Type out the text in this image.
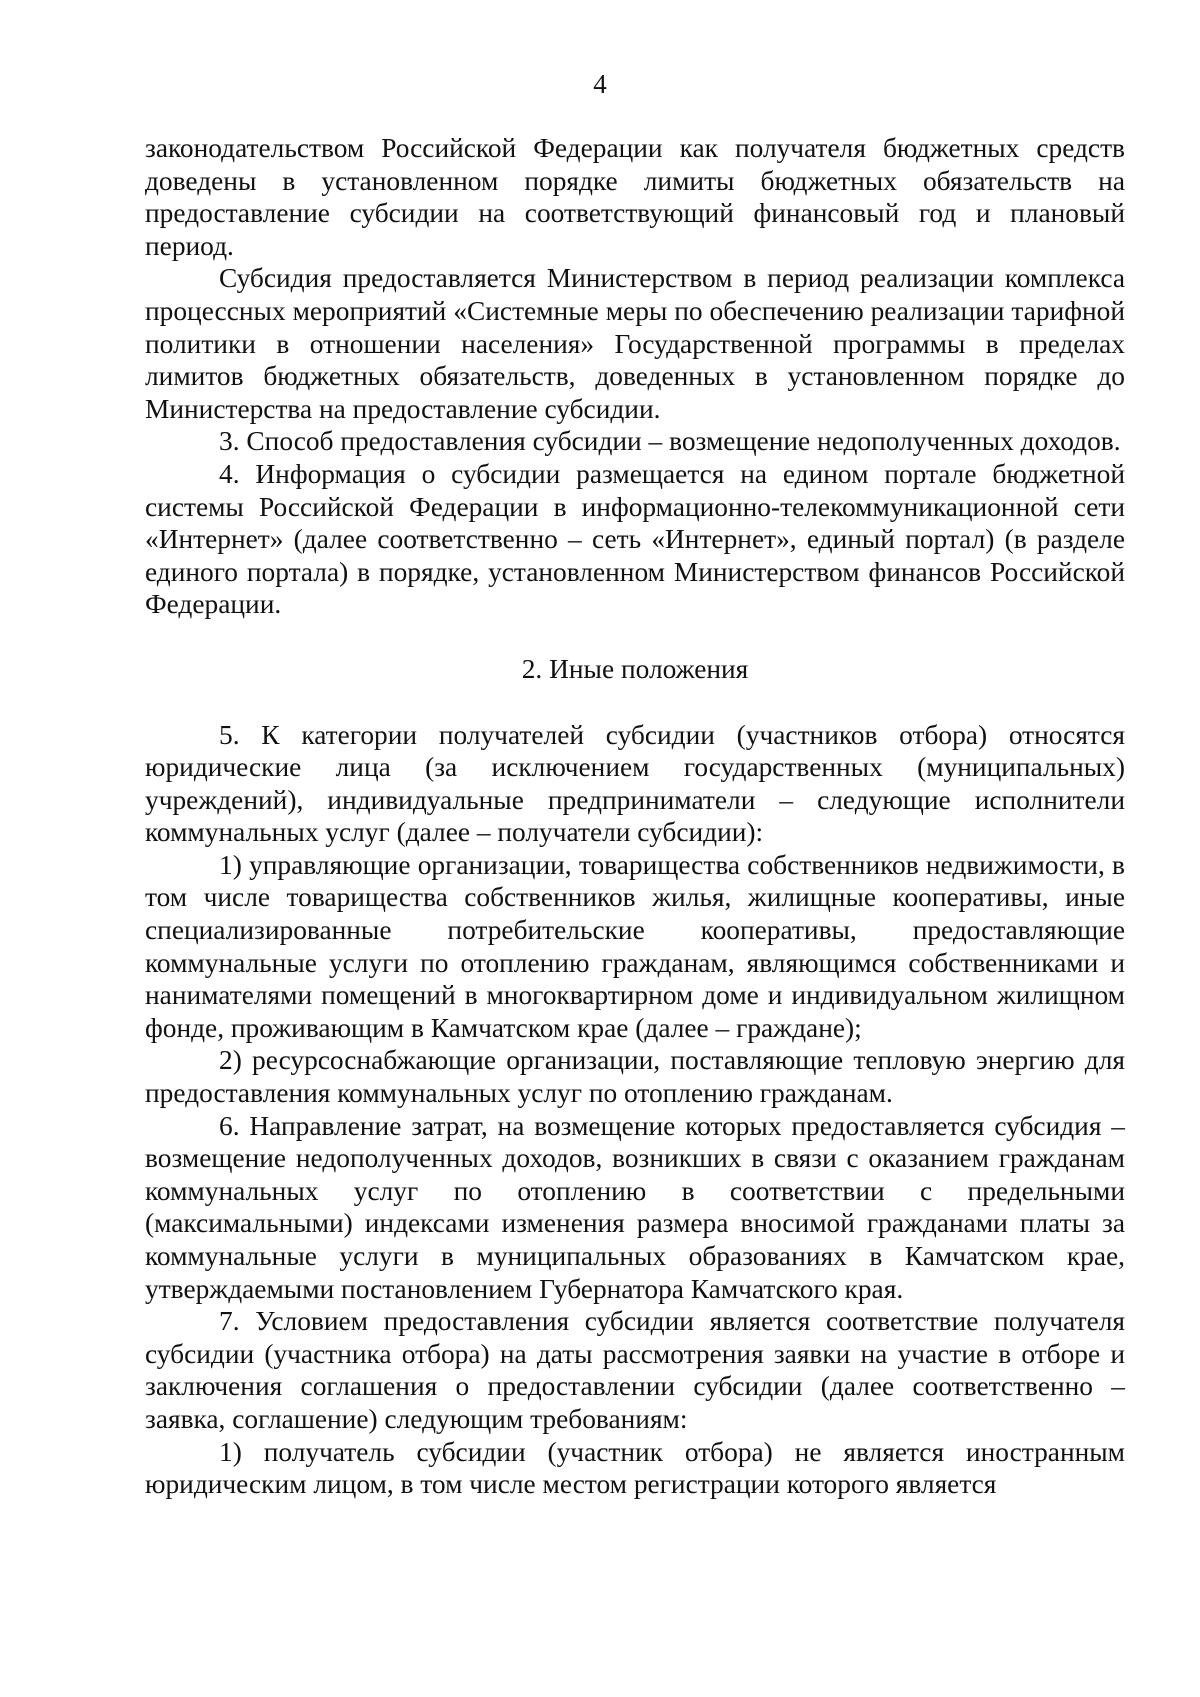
4

законодательством Российской Федерации как получателя бюджетных средств доведены в установленном порядке лимиты бюджетных обязательств на предоставление субсидии на соответствующий финансовый год и плановый период.

Субсидия предоставляется Министерством в период реализации комплекса процессных мероприятий «Системные меры по обеспечению реализации тарифной политики в отношении населения» Государственной программы в пределах лимитов бюджетных обязательств, доведенных в установленном порядке до Министерства на предоставление субсидии.

3. Способ предоставления субсидии – возмещение недополученных доходов.

4. Информация о субсидии размещается на едином портале бюджетной системы Российской Федерации в информационно-телекоммуникационной сети «Интернет» (далее соответственно – сеть «Интернет», единый портал) (в разделе единого портала) в порядке, установленном Министерством финансов Российской Федерации.

2. Иные положения

5. К категории получателей субсидии (участников отбора) относятся юридические лица (за исключением государственных (муниципальных) учреждений), индивидуальные предприниматели – следующие исполнители коммунальных услуг (далее – получатели субсидии):

1) управляющие организации, товарищества собственников недвижимости, в том числе товарищества собственников жилья, жилищные кооперативы, иные специализированные потребительские кооперативы, предоставляющие коммунальные услуги по отоплению гражданам, являющимся собственниками и нанимателями помещений в многоквартирном доме и индивидуальном жилищном фонде, проживающим в Камчатском крае (далее – граждане);

2) ресурсоснабжающие организации, поставляющие тепловую энергию для предоставления коммунальных услуг по отоплению гражданам.

6. Направление затрат, на возмещение которых предоставляется субсидия – возмещение недополученных доходов, возникших в связи с оказанием гражданам коммунальных услуг по отоплению в соответствии с предельными (максимальными) индексами изменения размера вносимой гражданами платы за коммунальные услуги в муниципальных образованиях в Камчатском крае, утверждаемыми постановлением Губернатора Камчатского края.

7. Условием предоставления субсидии является соответствие получателя субсидии (участника отбора) на даты рассмотрения заявки на участие в отборе и заключения соглашения о предоставлении субсидии (далее соответственно – заявка, соглашение) следующим требованиям:

1) получатель субсидии (участник отбора) не является иностранным юридическим лицом, в том числе местом регистрации которого является
